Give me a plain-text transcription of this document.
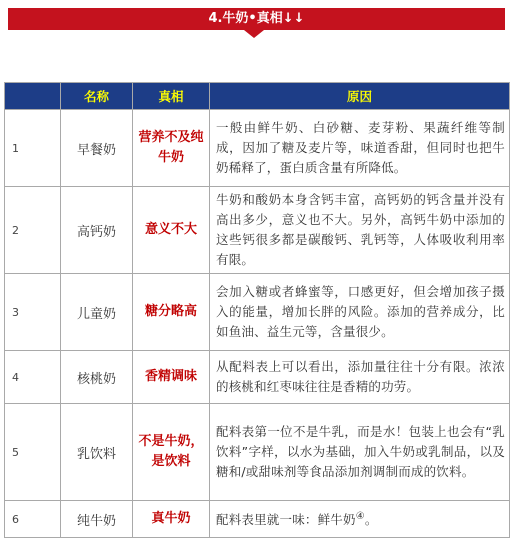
4.牛奶•真相↓↓
	名称	真相	原因
1	早餐奶	营养不及纯牛奶	一般由鲜牛奶、白砂糖、麦芽粉、果蔬纤维等制成，因加了糖及麦片等，味道香甜，但同时也把牛奶稀释了，蛋白质含量有所降低。
2	高钙奶	意义不大	牛奶和酸奶本身含钙丰富，高钙奶的钙含量并没有高出多少，意义也不大。另外，高钙牛奶中添加的这些钙很多都是碳酸钙、乳钙等，人体吸收利用率有限。
3	儿童奶	糖分略高	会加入糖或者蜂蜜等，口感更好，但会增加孩子摄入的能量，增加长胖的风险。添加的营养成分，比如鱼油、益生元等，含量很少。
4	核桃奶	香精调味	从配料表上可以看出，添加量往往十分有限。浓浓的核桃和红枣味往往是香精的功劳。
5	乳饮料	不是牛奶，是饮料	配料表第一位不是牛乳，而是水！包装上也会有“乳饮料”字样，以水为基础，加入牛奶或乳制品，以及糖和/或甜味剂等食品添加剂调制而成的饮料。
6	纯牛奶	真牛奶	配料表里就一味：鲜牛奶④。
